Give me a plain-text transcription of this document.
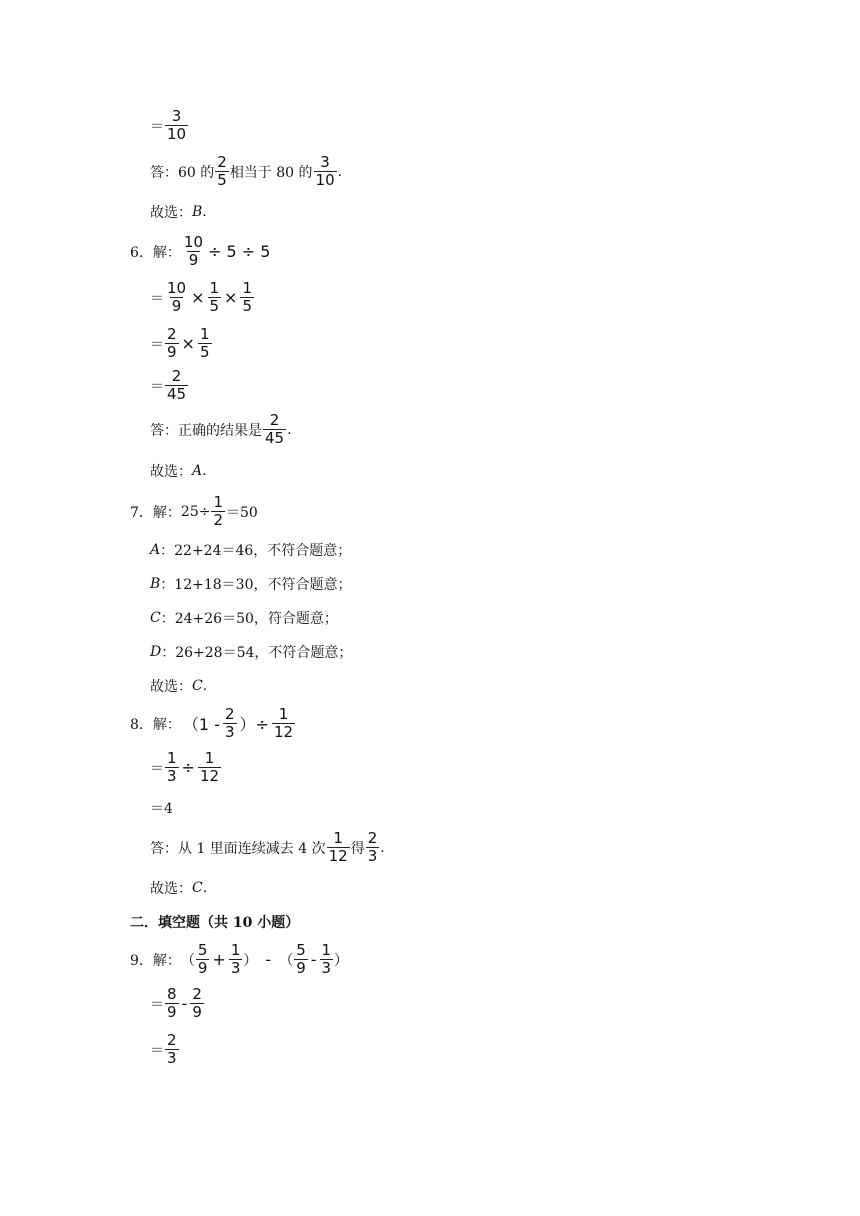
＝ $\frac{3}{10}$
答：60 的 $\frac{2}{5}$ 相当于 80 的 $\frac{3}{10}$ .
故选： B .
6．解： $\frac{10}{9} \div 5 \div 5$
＝ $\frac{10}{9} \times \frac{1}{5} \times \frac{1}{5}$
＝ $\frac{2}{9} \times \frac{1}{5}$
＝ $\frac{2}{45}$
答：正确的结果是 $\frac{2}{45}$ .
故选： A .
7．解： $25\div \frac{1}{2} =50$
A ：22+24＝46，不符合题意；
B ：12+18＝30，不符合题意；
C ：24+26＝50，符合题意；
D ：26+28＝54，不符合题意；
故选： C .
8．解： （$1 - \frac{2}{3}$ ）÷ $\frac{1}{12}$
＝ $\frac{1}{3} \div \frac{1}{12}$
＝4
答：从 1 里面连续减去 4 次 $\frac{1}{12}$ 得 $\frac{2}{3}$ .
故选： C .
二．填空题（共 10 小题）
9．解： （ $\frac{5}{9} + \frac{1}{3}$ ） - （ $\frac{5}{9} - \frac{1}{3}$ ）
＝ $\frac{8}{9} - \frac{2}{9}$
＝ $\frac{2}{3}$
